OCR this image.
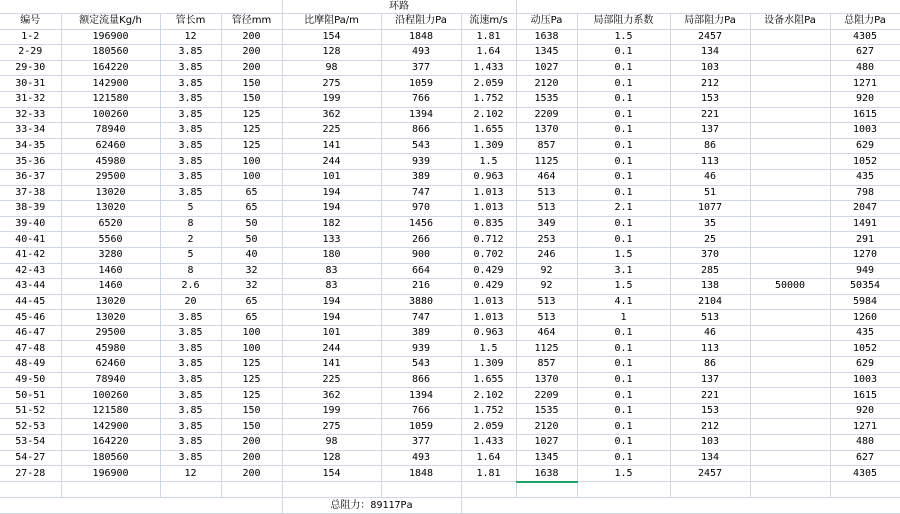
				环路							
编号	额定流量Kg/h	管长m	管径mm	比摩阻Pa/m	沿程阻力Pa	流速m/s	动压Pa	局部阻力系数	局部阻力Pa	设备水阻Pa	总阻力Pa
1-2	196900	12	200	154	1848	1.81	1638	1.5	2457		4305
2-29	180560	3.85	200	128	493	1.64	1345	0.1	134		627
29-30	164220	3.85	200	98	377	1.433	1027	0.1	103		480
30-31	142900	3.85	150	275	1059	2.059	2120	0.1	212		1271
31-32	121580	3.85	150	199	766	1.752	1535	0.1	153		920
32-33	100260	3.85	125	362	1394	2.102	2209	0.1	221		1615
33-34	78940	3.85	125	225	866	1.655	1370	0.1	137		1003
34-35	62460	3.85	125	141	543	1.309	857	0.1	86		629
35-36	45980	3.85	100	244	939	1.5	1125	0.1	113		1052
36-37	29500	3.85	100	101	389	0.963	464	0.1	46		435
37-38	13020	3.85	65	194	747	1.013	513	0.1	51		798
38-39	13020	5	65	194	970	1.013	513	2.1	1077		2047
39-40	6520	8	50	182	1456	0.835	349	0.1	35		1491
40-41	5560	2	50	133	266	0.712	253	0.1	25		291
41-42	3280	5	40	180	900	0.702	246	1.5	370		1270
42-43	1460	8	32	83	664	0.429	92	3.1	285		949
43-44	1460	2.6	32	83	216	0.429	92	1.5	138	50000	50354
44-45	13020	20	65	194	3880	1.013	513	4.1	2104		5984
45-46	13020	3.85	65	194	747	1.013	513	1	513		1260
46-47	29500	3.85	100	101	389	0.963	464	0.1	46		435
47-48	45980	3.85	100	244	939	1.5	1125	0.1	113		1052
48-49	62460	3.85	125	141	543	1.309	857	0.1	86		629
49-50	78940	3.85	125	225	866	1.655	1370	0.1	137		1003
50-51	100260	3.85	125	362	1394	2.102	2209	0.1	221		1615
51-52	121580	3.85	150	199	766	1.752	1535	0.1	153		920
52-53	142900	3.85	150	275	1059	2.059	2120	0.1	212		1271
53-54	164220	3.85	200	98	377	1.433	1027	0.1	103		480
54-27	180560	3.85	200	128	493	1.64	1345	0.1	134		627
27-28	196900	12	200	154	1848	1.81	1638	1.5	2457		4305

				总阻力：89117Pa							
